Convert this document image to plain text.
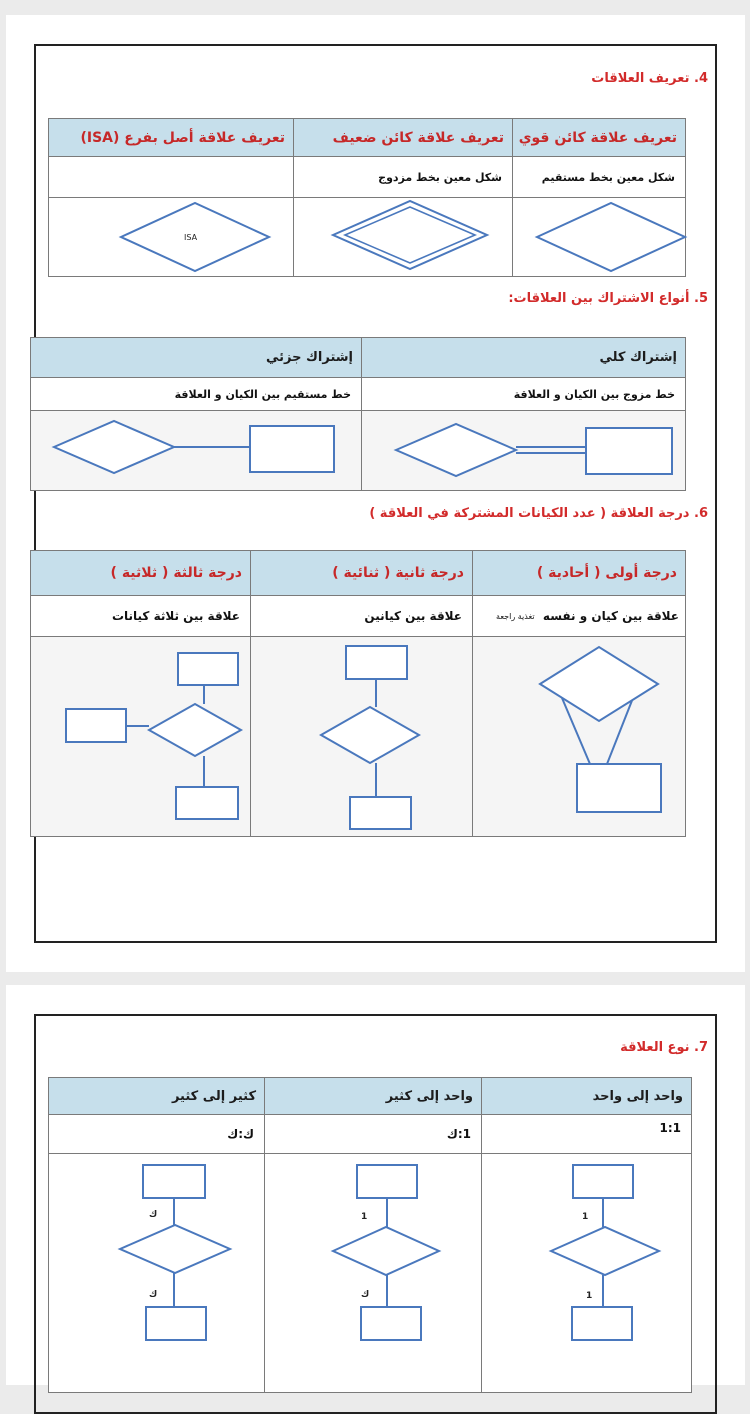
4. تعريف العلاقات
تعريف علاقة كائن قوي
تعريف علاقة كائن ضعيف
تعريف علاقة أصل بفرع (ISA)
شكل معين بخط مستقيم
شكل معين بخط مزدوج
ISA
5. أنواع الاشتراك بين العلاقات:
إشتراك كلي
إشتراك جزئي
خط مزوج بين الكيان و العلاقة
خط مستقيم بين الكيان و العلاقة
6. درجة العلاقة ( عدد الكيانات المشتركة في العلاقة )
درجة أولى ( أحادية )
درجة ثانية ( ثنائية )
درجة ثالثة ( ثلاثية )
علاقة بين كيان و نفسه

تغذية راجعة
علاقة بين كيانين
علاقة بين ثلاثة كيانات
7. نوع العلاقة
واحد إلى واحد
واحد إلى كثير
كثير إلى كثير
1:1
1:ك
ك:ك
1
1
1
ك
ك
ك
